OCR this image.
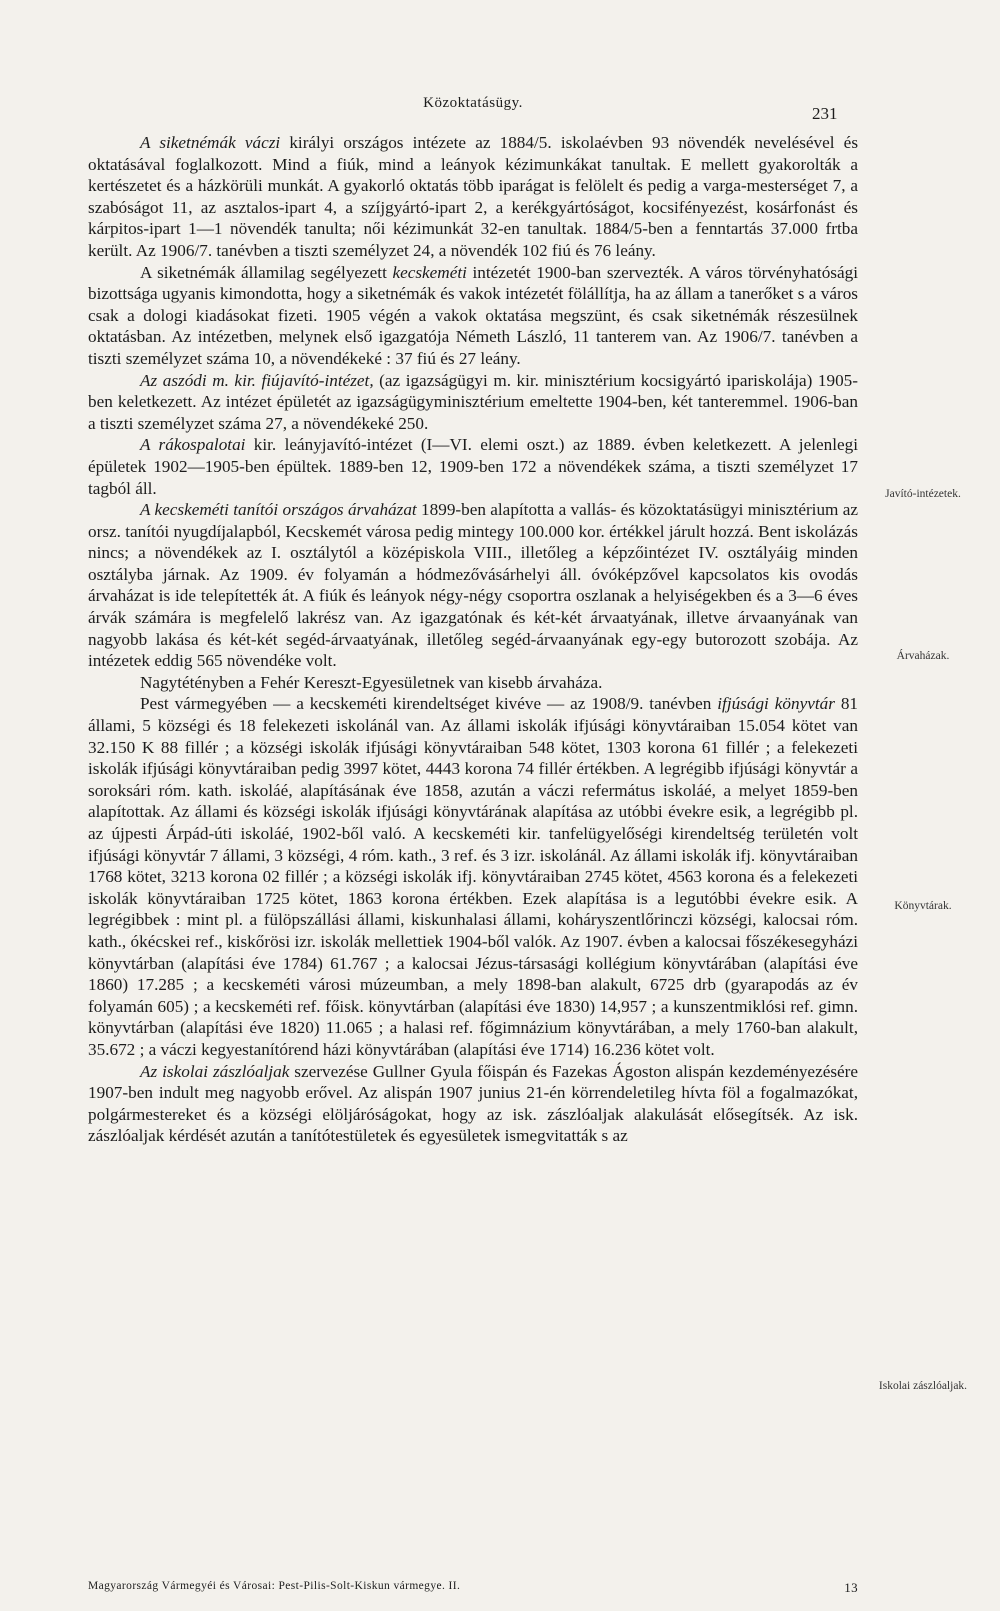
Közoktatásügy.
231

A siketnémák váczi királyi országos intézete az 1884/5. iskolaévben 93 növendék nevelésével és oktatásával foglalkozott. Mind a fiúk, mind a leányok kézimunkákat tanultak. E mellett gyakorolták a kertészetet és a házkörüli munkát. A gyakorló oktatás több iparágat is felölelt és pedig a varga-mesterséget 7, a szabóságot 11, az asztalos-ipart 4, a szíjgyártó-ipart 2, a kerékgyártóságot, kocsifényezést, kosárfonást és kárpitos-ipart 1—1 növendék tanulta; női kézimunkát 32-en tanultak. 1884/5-ben a fenntartás 37.000 frtba került. Az 1906/7. tanévben a tiszti személyzet 24, a növendék 102 fiú és 76 leány.

A siketnémák államilag segélyezett kecskeméti intézetét 1900-ban szervezték. A város törvényhatósági bizottsága ugyanis kimondotta, hogy a siketnémák és vakok intézetét fölállítja, ha az állam a tanerőket s a város csak a dologi kiadásokat fizeti. 1905 végén a vakok oktatása megszünt, és csak siketnémák részesülnek oktatásban. Az intézetben, melynek első igazgatója Németh László, 11 tanterem van. Az 1906/7. tanévben a tiszti személyzet száma 10, a növendékeké : 37 fiú és 27 leány.

Az aszódi m. kir. fiújavító-intézet, (az igazságügyi m. kir. minisztérium kocsigyártó ipariskolája) 1905-ben keletkezett. Az intézet épületét az igazságügyminisztérium emeltette 1904-ben, két tanteremmel. 1906-ban a tiszti személyzet száma 27, a növendékeké 250.

A rákospalotai kir. leányjavító-intézet (I—VI. elemi oszt.) az 1889. évben keletkezett. A jelenlegi épületek 1902—1905-ben épültek. 1889-ben 12, 1909-ben 172 a növendékek száma, a tiszti személyzet 17 tagból áll.

A kecskeméti tanítói országos árvaházat 1899-ben alapította a vallás- és közoktatásügyi minisztérium az orsz. tanítói nyugdíjalapból, Kecskemét városa pedig mintegy 100.000 kor. értékkel járult hozzá. Bent iskolázás nincs; a növendékek az I. osztálytól a középiskola VIII., illetőleg a képzőintézet IV. osztályáig minden osztályba járnak. Az 1909. év folyamán a hódmezővásárhelyi áll. óvóképzővel kapcsolatos kis ovodás árvaházat is ide telepítették át. A fiúk és leányok négy-négy csoportra oszlanak a helyiségekben és a 3—6 éves árvák számára is megfelelő lakrész van. Az igazgatónak és két-két árvaatyának, illetve árvaanyának van nagyobb lakása és két-két segéd-árvaatyának, illetőleg segéd-árvaanyának egy-egy butorozott szobája. Az intézetek eddig 565 növendéke volt.

Nagytétényben a Fehér Kereszt-Egyesületnek van kisebb árvaháza.

Pest vármegyében — a kecskeméti kirendeltséget kivéve — az 1908/9. tanévben ifjúsági könyvtár 81 állami, 5 községi és 18 felekezeti iskolánál van. Az állami iskolák ifjúsági könyvtáraiban 15.054 kötet van 32.150 K 88 fillér ; a községi iskolák ifjúsági könyvtáraiban 548 kötet, 1303 korona 61 fillér ; a felekezeti iskolák ifjúsági könyvtáraiban pedig 3997 kötet, 4443 korona 74 fillér értékben. A legrégibb ifjúsági könyvtár a soroksári róm. kath. iskoláé, alapításának éve 1858, azután a váczi refermátus iskoláé, a melyet 1859-ben alapítottak. Az állami és községi iskolák ifjúsági könyvtárának alapítása az utóbbi évekre esik, a legrégibb pl. az újpesti Árpád-úti iskoláé, 1902-ből való. A kecskeméti kir. tanfelügyelőségi kirendeltség területén volt ifjúsági könyvtár 7 állami, 3 községi, 4 róm. kath., 3 ref. és 3 izr. iskolánál. Az állami iskolák ifj. könyvtáraiban 1768 kötet, 3213 korona 02 fillér ; a községi iskolák ifj. könyvtáraiban 2745 kötet, 4563 korona és a felekezeti iskolák könyvtáraiban 1725 kötet, 1863 korona értékben. Ezek alapítása is a legutóbbi évekre esik. A legrégibbek : mint pl. a fülöpszállási állami, kiskunhalasi állami, koháryszentlőrinczi községi, kalocsai róm. kath., ókécskei ref., kiskőrösi izr. iskolák mellettiek 1904-ből valók. Az 1907. évben a kalocsai főszékesegyházi könyvtárban (alapítási éve 1784) 61.767 ; a kalocsai Jézus-társasági kollégium könyvtárában (alapítási éve 1860) 17.285 ; a kecskeméti városi múzeumban, a mely 1898-ban alakult, 6725 drb (gyarapodás az év folyamán 605) ; a kecskeméti ref. főisk. könyvtárban (alapítási éve 1830) 14,957 ; a kunszentmiklósi ref. gimn. könyvtárban (alapítási éve 1820) 11.065 ; a halasi ref. főgimnázium könyvtárában, a mely 1760-ban alakult, 35.672 ; a váczi kegyestanítórend házi könyvtárában (alapítási éve 1714) 16.236 kötet volt.

Az iskolai zászlóaljak szervezése Gullner Gyula főispán és Fazekas Ágoston alispán kezdeményezésére 1907-ben indult meg nagyobb erővel. Az alispán 1907 junius 21-én körrendeletileg hívta föl a fogalmazókat, polgármestereket és a községi elöljáróságokat, hogy az isk. zászlóaljak alakulását elősegítsék. Az isk. zászlóaljak kérdését azután a tanítótestületek és egyesületek ismegvitatták s az

Javító-intézetek.
Árvaházak.
Könyvtárak.
Iskolai zászlóaljak.
Magyarország Vármegyéi és Városai: Pest-Pilis-Solt-Kiskun vármegye. II.	13
